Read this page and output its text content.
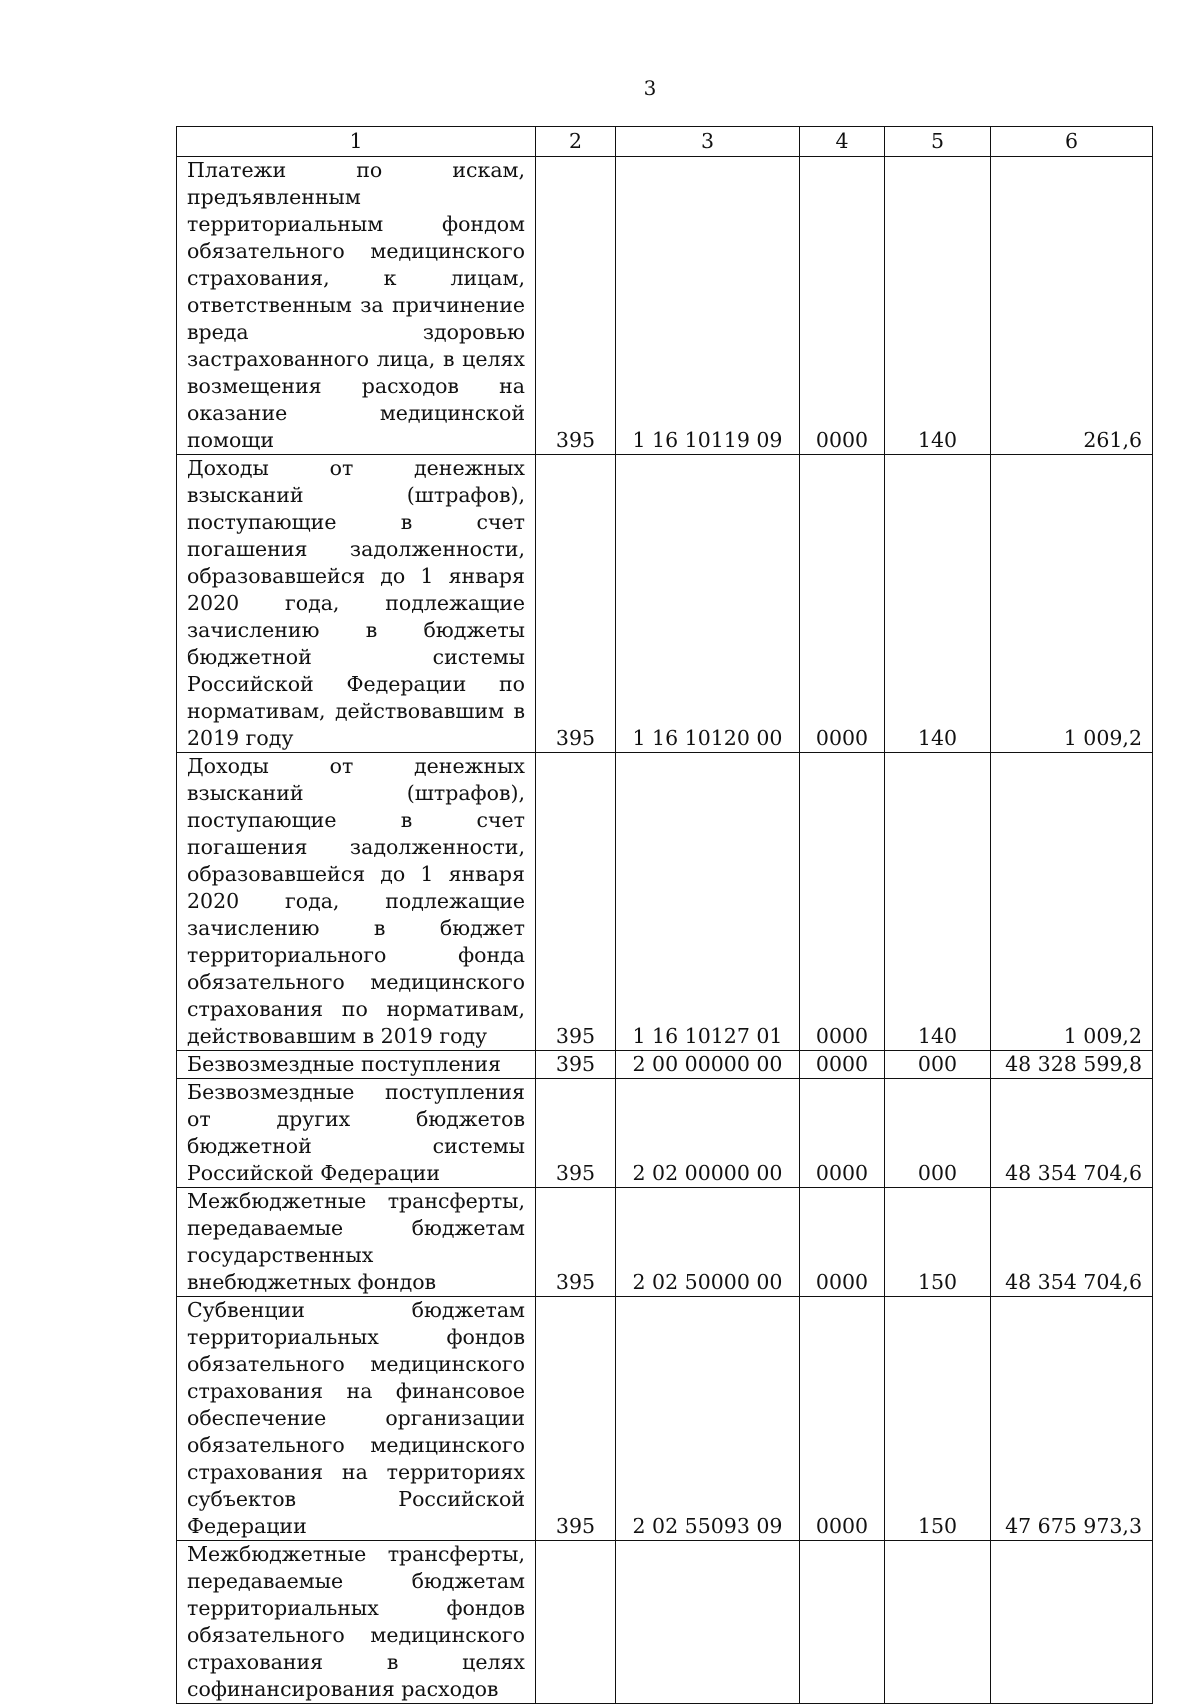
3
1	2	3	4	5	6
Платежи по искам, предъявленным территориальным фондом обязательного медицинского страхования, к лицам, ответственным за причинение вреда здоровью застрахованного лица, в целях возмещения расходов на оказание медицинской помощи	395	1 16 10119 09	0000	140	261,6
Доходы от денежных взысканий (штрафов), поступающие в счет погашения задолженности, образовавшейся до 1 января 2020 года, подлежащие зачислению в бюджеты бюджетной системы Российской Федерации по нормативам, действовавшим в 2019 году	395	1 16 10120 00	0000	140	1 009,2
Доходы от денежных взысканий (штрафов), поступающие в счет погашения задолженности, образовавшейся до 1 января 2020 года, подлежащие зачислению в бюджет территориального фонда обязательного медицинского страхования по нормативам, действовавшим в 2019 году	395	1 16 10127 01	0000	140	1 009,2
Безвозмездные поступления	395	2 00 00000 00	0000	000	48 328 599,8
Безвозмездные поступления от других бюджетов бюджетной системы Российской Федерации	395	2 02 00000 00	0000	000	48 354 704,6
Межбюджетные трансферты, передаваемые бюджетам государственных внебюджетных фондов	395	2 02 50000 00	0000	150	48 354 704,6
Субвенции бюджетам территориальных фондов обязательного медицинского страхования на финансовое обеспечение организации обязательного медицинского страхования на территориях субъектов Российской Федерации	395	2 02 55093 09	0000	150	47 675 973,3
Межбюджетные трансферты, передаваемые бюджетам территориальных фондов обязательного медицинского страхования в целях софинансирования расходов					
